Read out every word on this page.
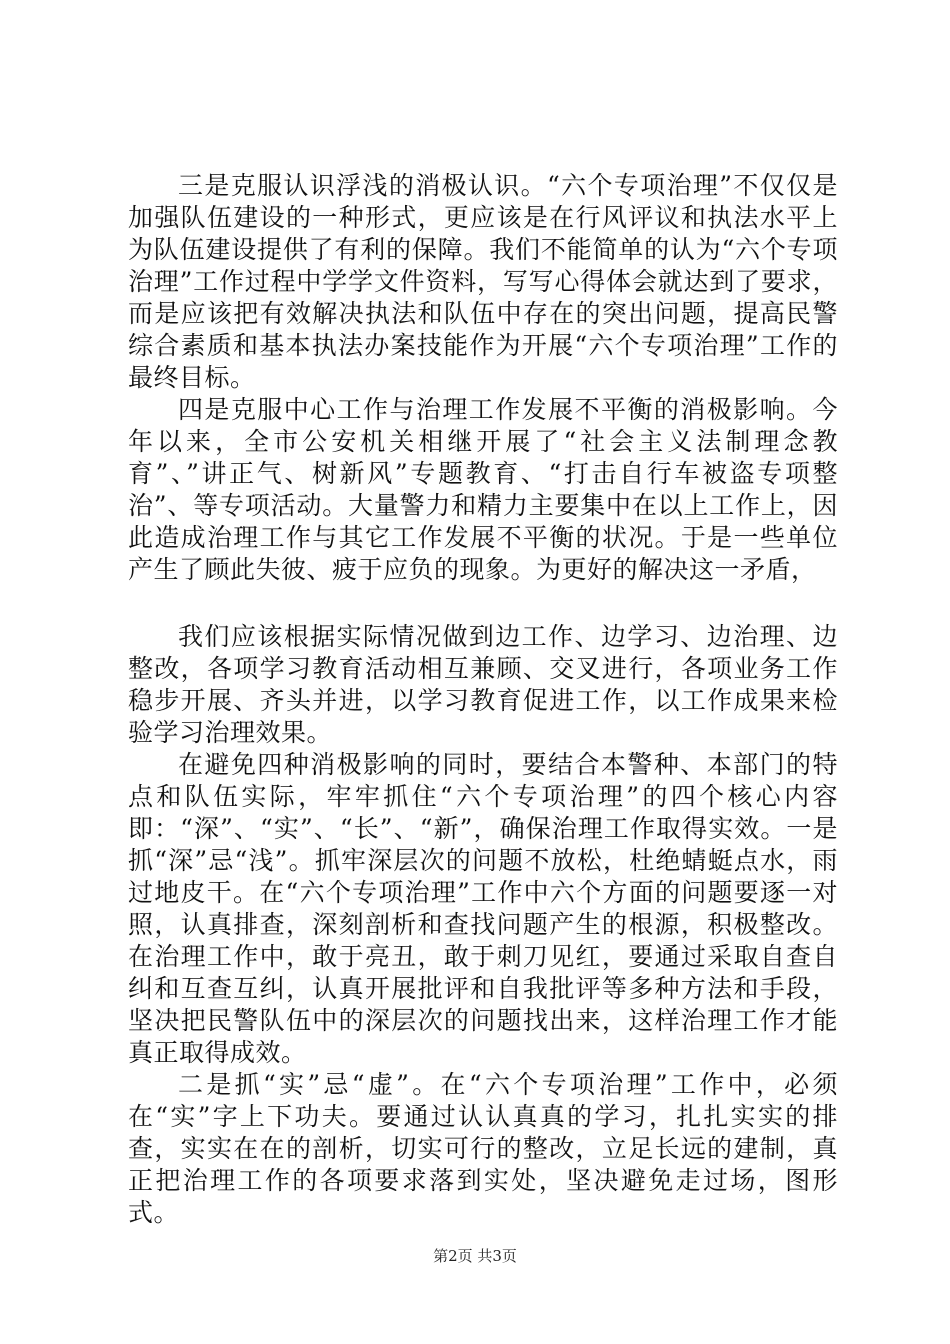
三是克服认识浮浅的消极认识。“六个专项治理”不仅仅是加强队伍建设的一种形式，更应该是在行风评议和执法水平上为队伍建设提供了有利的保障。我们不能简单的认为“六个专项治理”工作过程中学学文件资料，写写心得体会就达到了要求，而是应该把有效解决执法和队伍中存在的突出问题，提高民警综合素质和基本执法办案技能作为开展“六个专项治理”工作的最终目标。

四是克服中心工作与治理工作发展不平衡的消极影响。今年以来，全市公安机关相继开展了“社会主义法制理念教育”、”讲正气、树新风”专题教育、“打击自行车被盗专项整治”、等专项活动。大量警力和精力主要集中在以上工作上，因此造成治理工作与其它工作发展不平衡的状况。于是一些单位产生了顾此失彼、疲于应负的现象。为更好的解决这一矛盾，

我们应该根据实际情况做到边工作、边学习、边治理、边整改，各项学习教育活动相互兼顾、交叉进行，各项业务工作稳步开展、齐头并进，以学习教育促进工作，以工作成果来检验学习治理效果。

在避免四种消极影响的同时，要结合本警种、本部门的特点和队伍实际，牢牢抓住“六个专项治理”的四个核心内容即：“深”、“实”、“长”、“新”，确保治理工作取得实效。一是抓“深”忌“浅”。抓牢深层次的问题不放松，杜绝蜻蜓点水，雨过地皮干。在“六个专项治理”工作中六个方面的问题要逐一对照，认真排查，深刻剖析和查找问题产生的根源，积极整改。在治理工作中，敢于亮丑，敢于刺刀见红，要通过采取自查自纠和互查互纠，认真开展批评和自我批评等多种方法和手段，坚决把民警队伍中的深层次的问题找出来，这样治理工作才能真正取得成效。

二是抓“实”忌“虚”。在“六个专项治理”工作中，必须在“实”字上下功夫。要通过认认真真的学习，扎扎实实的排查，实实在在的剖析，切实可行的整改，立足长远的建制，真正把治理工作的各项要求落到实处，坚决避免走过场，图形式。

第2页 共3页
